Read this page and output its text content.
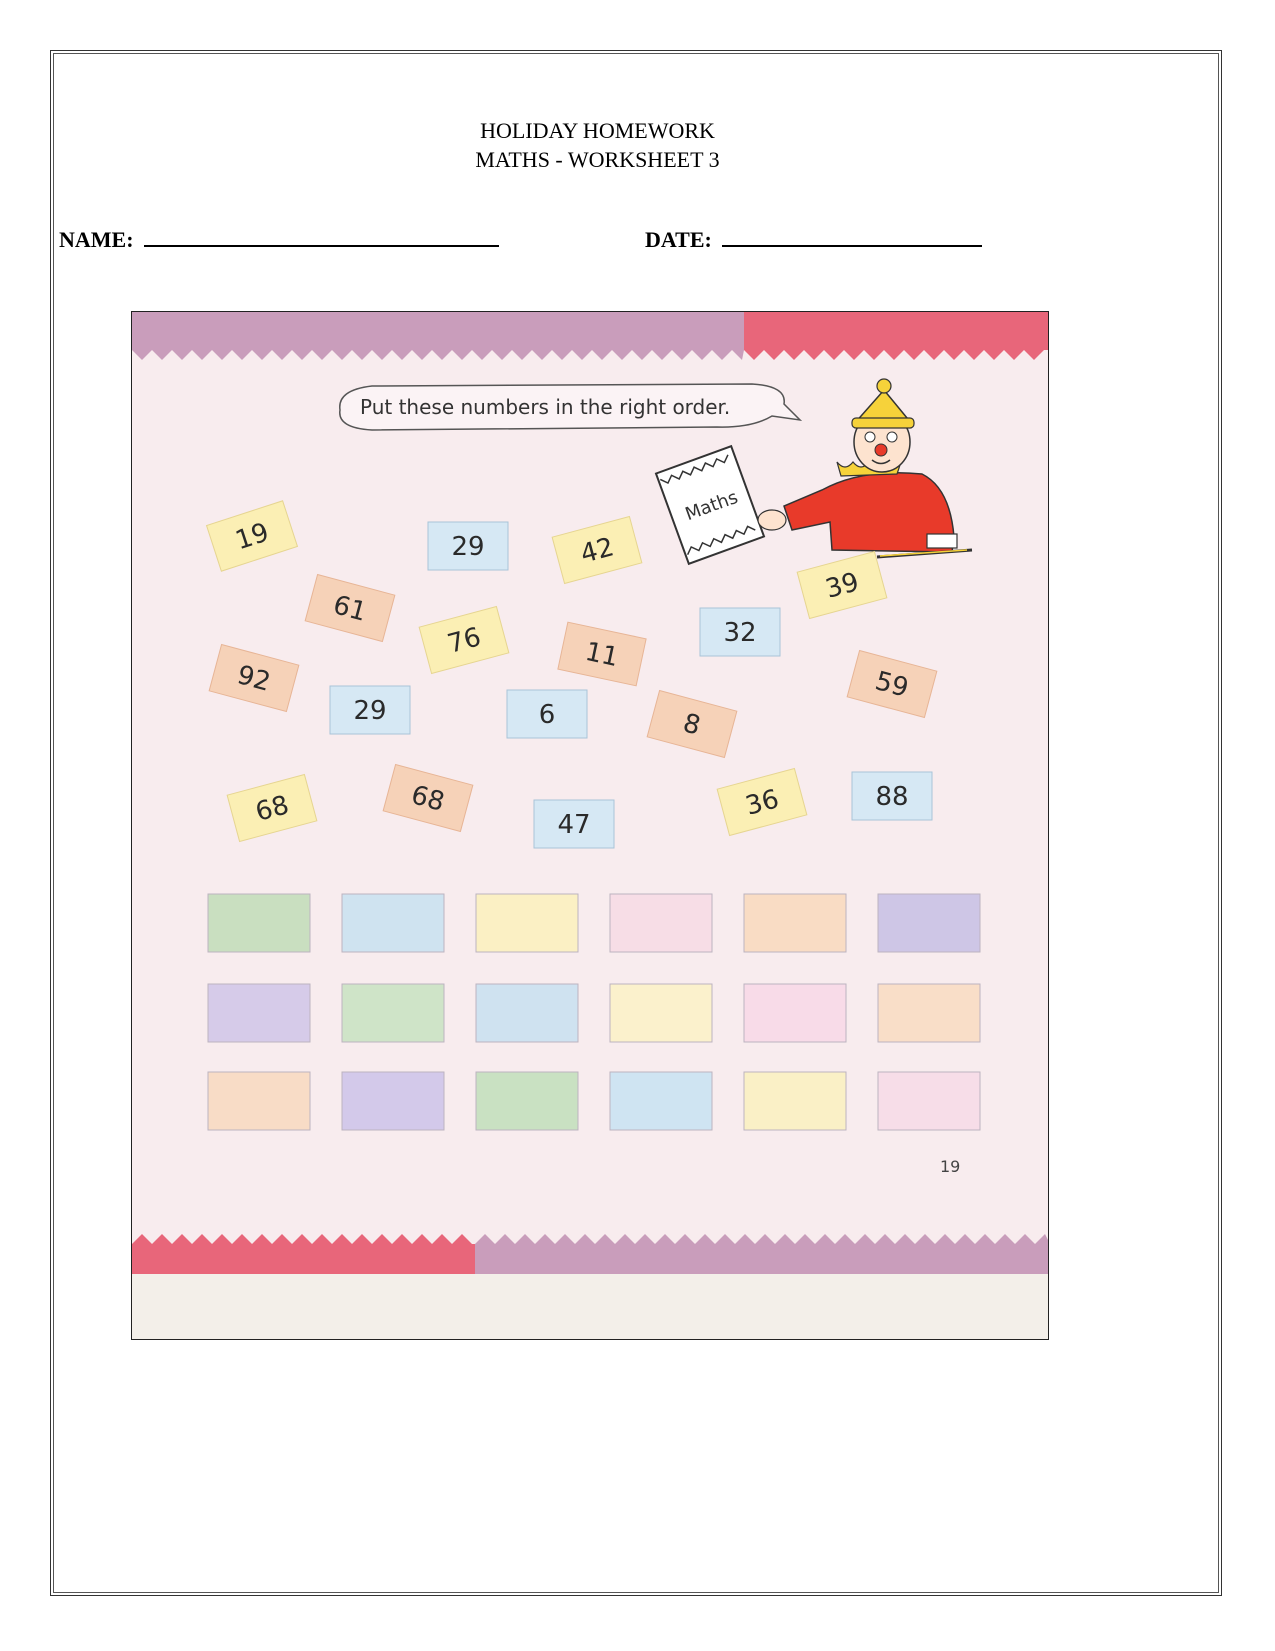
HOLIDAY HOMEWORK
MATHS - WORKSHEET 3
NAME:	DATE:
Put these numbers in the right order.
Maths
19	29	42
39
61
76	11
32
92	59
29	6	8
68	68
47
36	88
19
